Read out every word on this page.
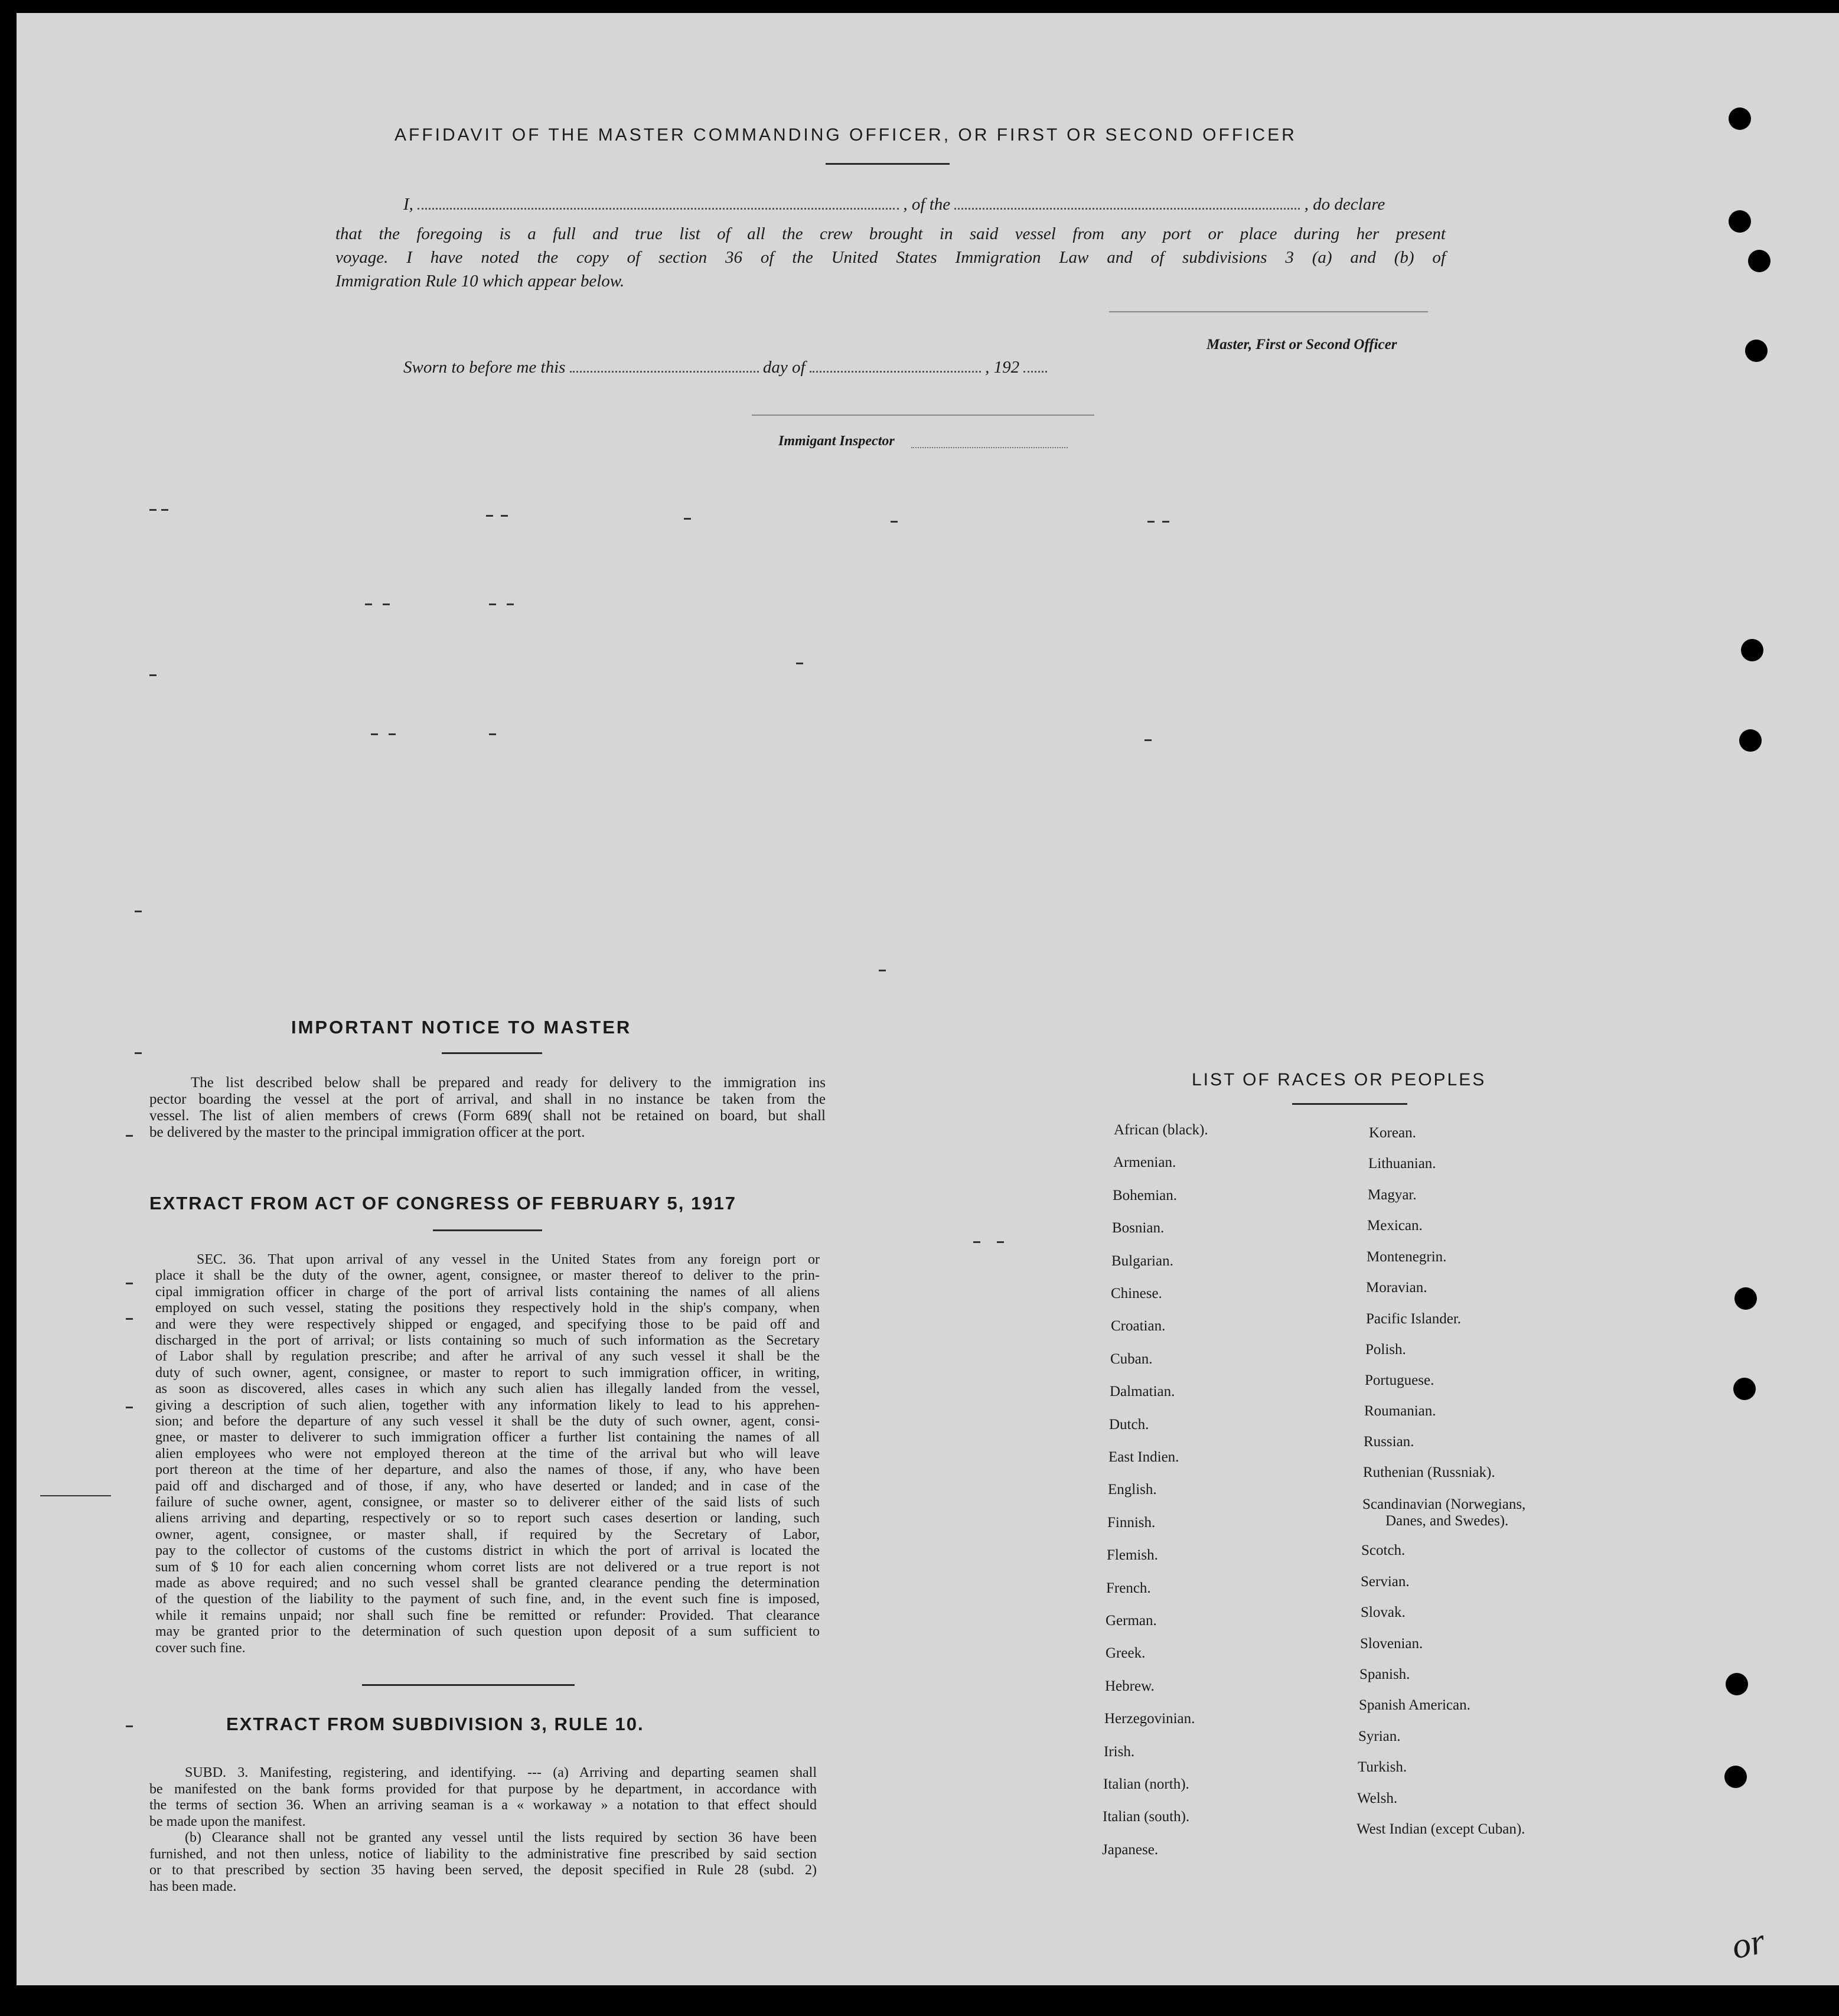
AFFIDAVIT OF THE MASTER COMMANDING OFFICER, OR FIRST OR SECOND OFFICER
I,	, of the	, do declare
that the foregoing is a full and true list of all the crew brought in said vessel from any port or place during her present
voyage. I have noted the copy of section 36 of the United States Immigration Law and of subdivisions 3 (a) and (b) of
Immigration Rule 10 which appear below.
Master, First or Second Officer
Sworn to before me this	day of	, 192
Immigant Inspector
IMPORTANT NOTICE TO MASTER
The list described below shall be prepared and ready for delivery to the immigration ins
pector boarding the vessel at the port of arrival, and shall in no instance be taken from the
vessel. The list of alien members of crews (Form 689( shall not be retained on board, but shall
be delivered by the master to the principal immigration officer at the port.
EXTRACT FROM ACT OF CONGRESS OF FEBRUARY 5, 1917
SEC. 36. That upon arrival of any vessel in the United States from any foreign port or
place it shall be the duty of the owner, agent, consignee, or master thereof to deliver to the prin-
cipal immigration officer in charge of the port of arrival lists containing the names of all aliens
employed on such vessel, stating the positions they respectively hold in the ship's company, when
and were they were respectively shipped or engaged, and specifying those to be paid off and
discharged in the port of arrival; or lists containing so much of such information as the Secretary
of Labor shall by regulation prescribe; and after he arrival of any such vessel it shall be the
duty of such owner, agent, consignee, or master to report to such immigration officer, in writing,
as soon as discovered, alles cases in which any such alien has illegally landed from the vessel,
giving a description of such alien, together with any information likely to lead to his apprehen-
sion; and before the departure of any such vessel it shall be the duty of such owner, agent, consi-
gnee, or master to deliverer to such immigration officer a further list containing the names of all
alien employees who were not employed thereon at the time of the arrival but who will leave
port thereon at the time of her departure, and also the names of those, if any, who have been
paid off and discharged and of those, if any, who have deserted or landed; and in case of the
failure of suche owner, agent, consignee, or master so to deliverer either of the said lists of such
aliens arriving and departing, respectively or so to report such cases desertion or landing, such
owner, agent, consignee, or master shall, if required by the Secretary of Labor,
pay to the collector of customs of the customs district in which the port of arrival is located the
sum of $ 10 for each alien concerning whom corret lists are not delivered or a true report is not
made as above required; and no such vessel shall be granted clearance pending the determination
of the question of the liability to the payment of such fine, and, in the event such fine is imposed,
while it remains unpaid; nor shall such fine be remitted or refunder: Provided. That clearance
may be granted prior to the determination of such question upon deposit of a sum sufficient to
cover such fine.
EXTRACT FROM SUBDIVISION 3, RULE 10.
SUBD. 3. Manifesting, registering, and identifying. --- (a) Arriving and departing seamen shall
be manifested on the bank forms provided for that purpose by he department, in accordance with
the terms of section 36. When an arriving seaman is a « workaway » a notation to that effect should
be made upon the manifest.
(b) Clearance shall not be granted any vessel until the lists required by section 36 have been
furnished, and not then unless, notice of liability to the administrative fine prescribed by said section
or to that prescribed by section 35 having been served, the deposit specified in Rule 28 (subd. 2)
has been made.
LIST OF RACES OR PEOPLES
African (black).
Armenian.
Bohemian.
Bosnian.
Bulgarian.
Chinese.
Croatian.
Cuban.
Dalmatian.
Dutch.
East Indien.
English.
Finnish.
Flemish.
French.
German.
Greek.
Hebrew.
Herzegovinian.
Irish.
Italian (north).
Italian (south).
Japanese.
Korean.
Lithuanian.
Magyar.
Mexican.
Montenegrin.
Moravian.
Pacific Islander.
Polish.
Portuguese.
Roumanian.
Russian.
Ruthenian (Russniak).
Scandinavian (Norwegians,
Danes, and Swedes).
Scotch.
Servian.
Slovak.
Slovenian.
Spanish.
Spanish American.
Syrian.
Turkish.
Welsh.
West Indian (except Cuban).
or
